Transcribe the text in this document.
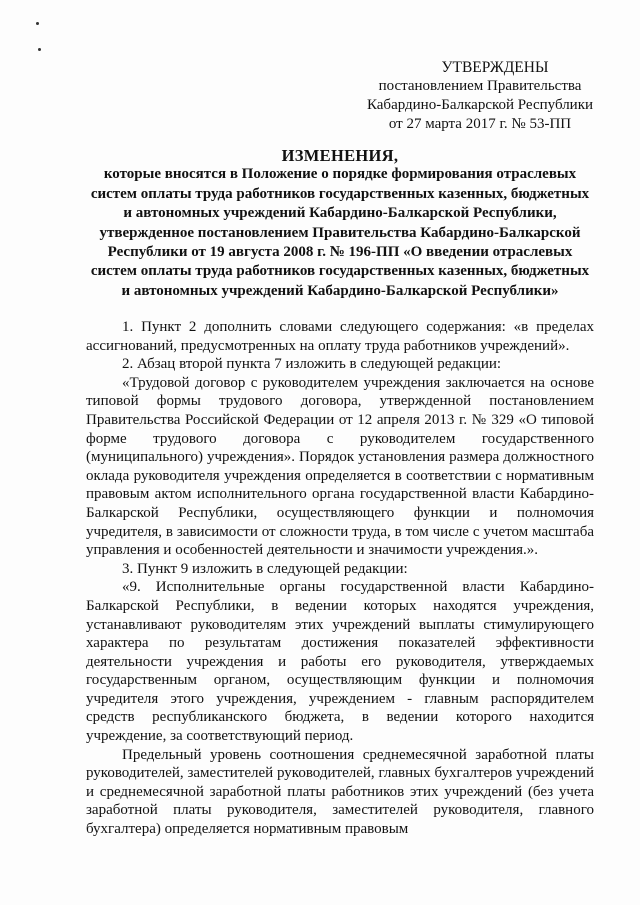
УТВЕРЖДЕНЫ
постановлением Правительства
Кабардино-Балкарской Республики
от 27 марта 2017 г. № 53-ПП
ИЗМЕНЕНИЯ,
которые вносятся в Положение о порядке формирования отраслевых систем оплаты труда работников государственных казенных, бюджетных и автономных учреждений Кабардино-Балкарской Республики, утвержденное постановлением Правительства Кабардино-Балкарской Республики от 19 августа 2008 г. № 196-ПП «О введении отраслевых систем оплаты труда работников государственных казенных, бюджетных и автономных учреждений Кабардино-Балкарской Республики»

1. Пункт 2 дополнить словами следующего содержания: «в пределах ассигнований, предусмотренных на оплату труда работников учреждений».

2. Абзац второй пункта 7 изложить в следующей редакции:

«Трудовой договор с руководителем учреждения заключается на основе типовой формы трудового договора, утвержденной постановлением Правительства Российской Федерации от 12 апреля 2013 г. № 329 «О типовой форме трудового договора с руководителем государственного (муниципального) учреждения». Порядок установления размера должностного оклада руководителя учреждения определяется в соответствии с нормативным правовым актом исполнительного органа государственной власти Кабардино-Балкарской Республики, осуществляющего функции и полномочия учредителя, в зависимости от сложности труда, в том числе с учетом масштаба управления и особенностей деятельности и значимости учреждения.».

3. Пункт 9 изложить в следующей редакции:

«9. Исполнительные органы государственной власти Кабардино-Балкарской Республики, в ведении которых находятся учреждения, устанавливают руководителям этих учреждений выплаты стимулирующего характера по результатам достижения показателей эффективности деятельности учреждения и работы его руководителя, утверждаемых государственным органом, осуществляющим функции и полномочия учредителя этого учреждения, учреждением - главным распорядителем средств республиканского бюджета, в ведении которого находится учреждение, за соответствующий период.

Предельный уровень соотношения среднемесячной заработной платы руководителей, заместителей руководителей, главных бухгалтеров учреждений и среднемесячной заработной платы работников этих учреждений (без учета заработной платы руководителя, заместителей руководителя, главного бухгалтера) определяется нормативным правовым
